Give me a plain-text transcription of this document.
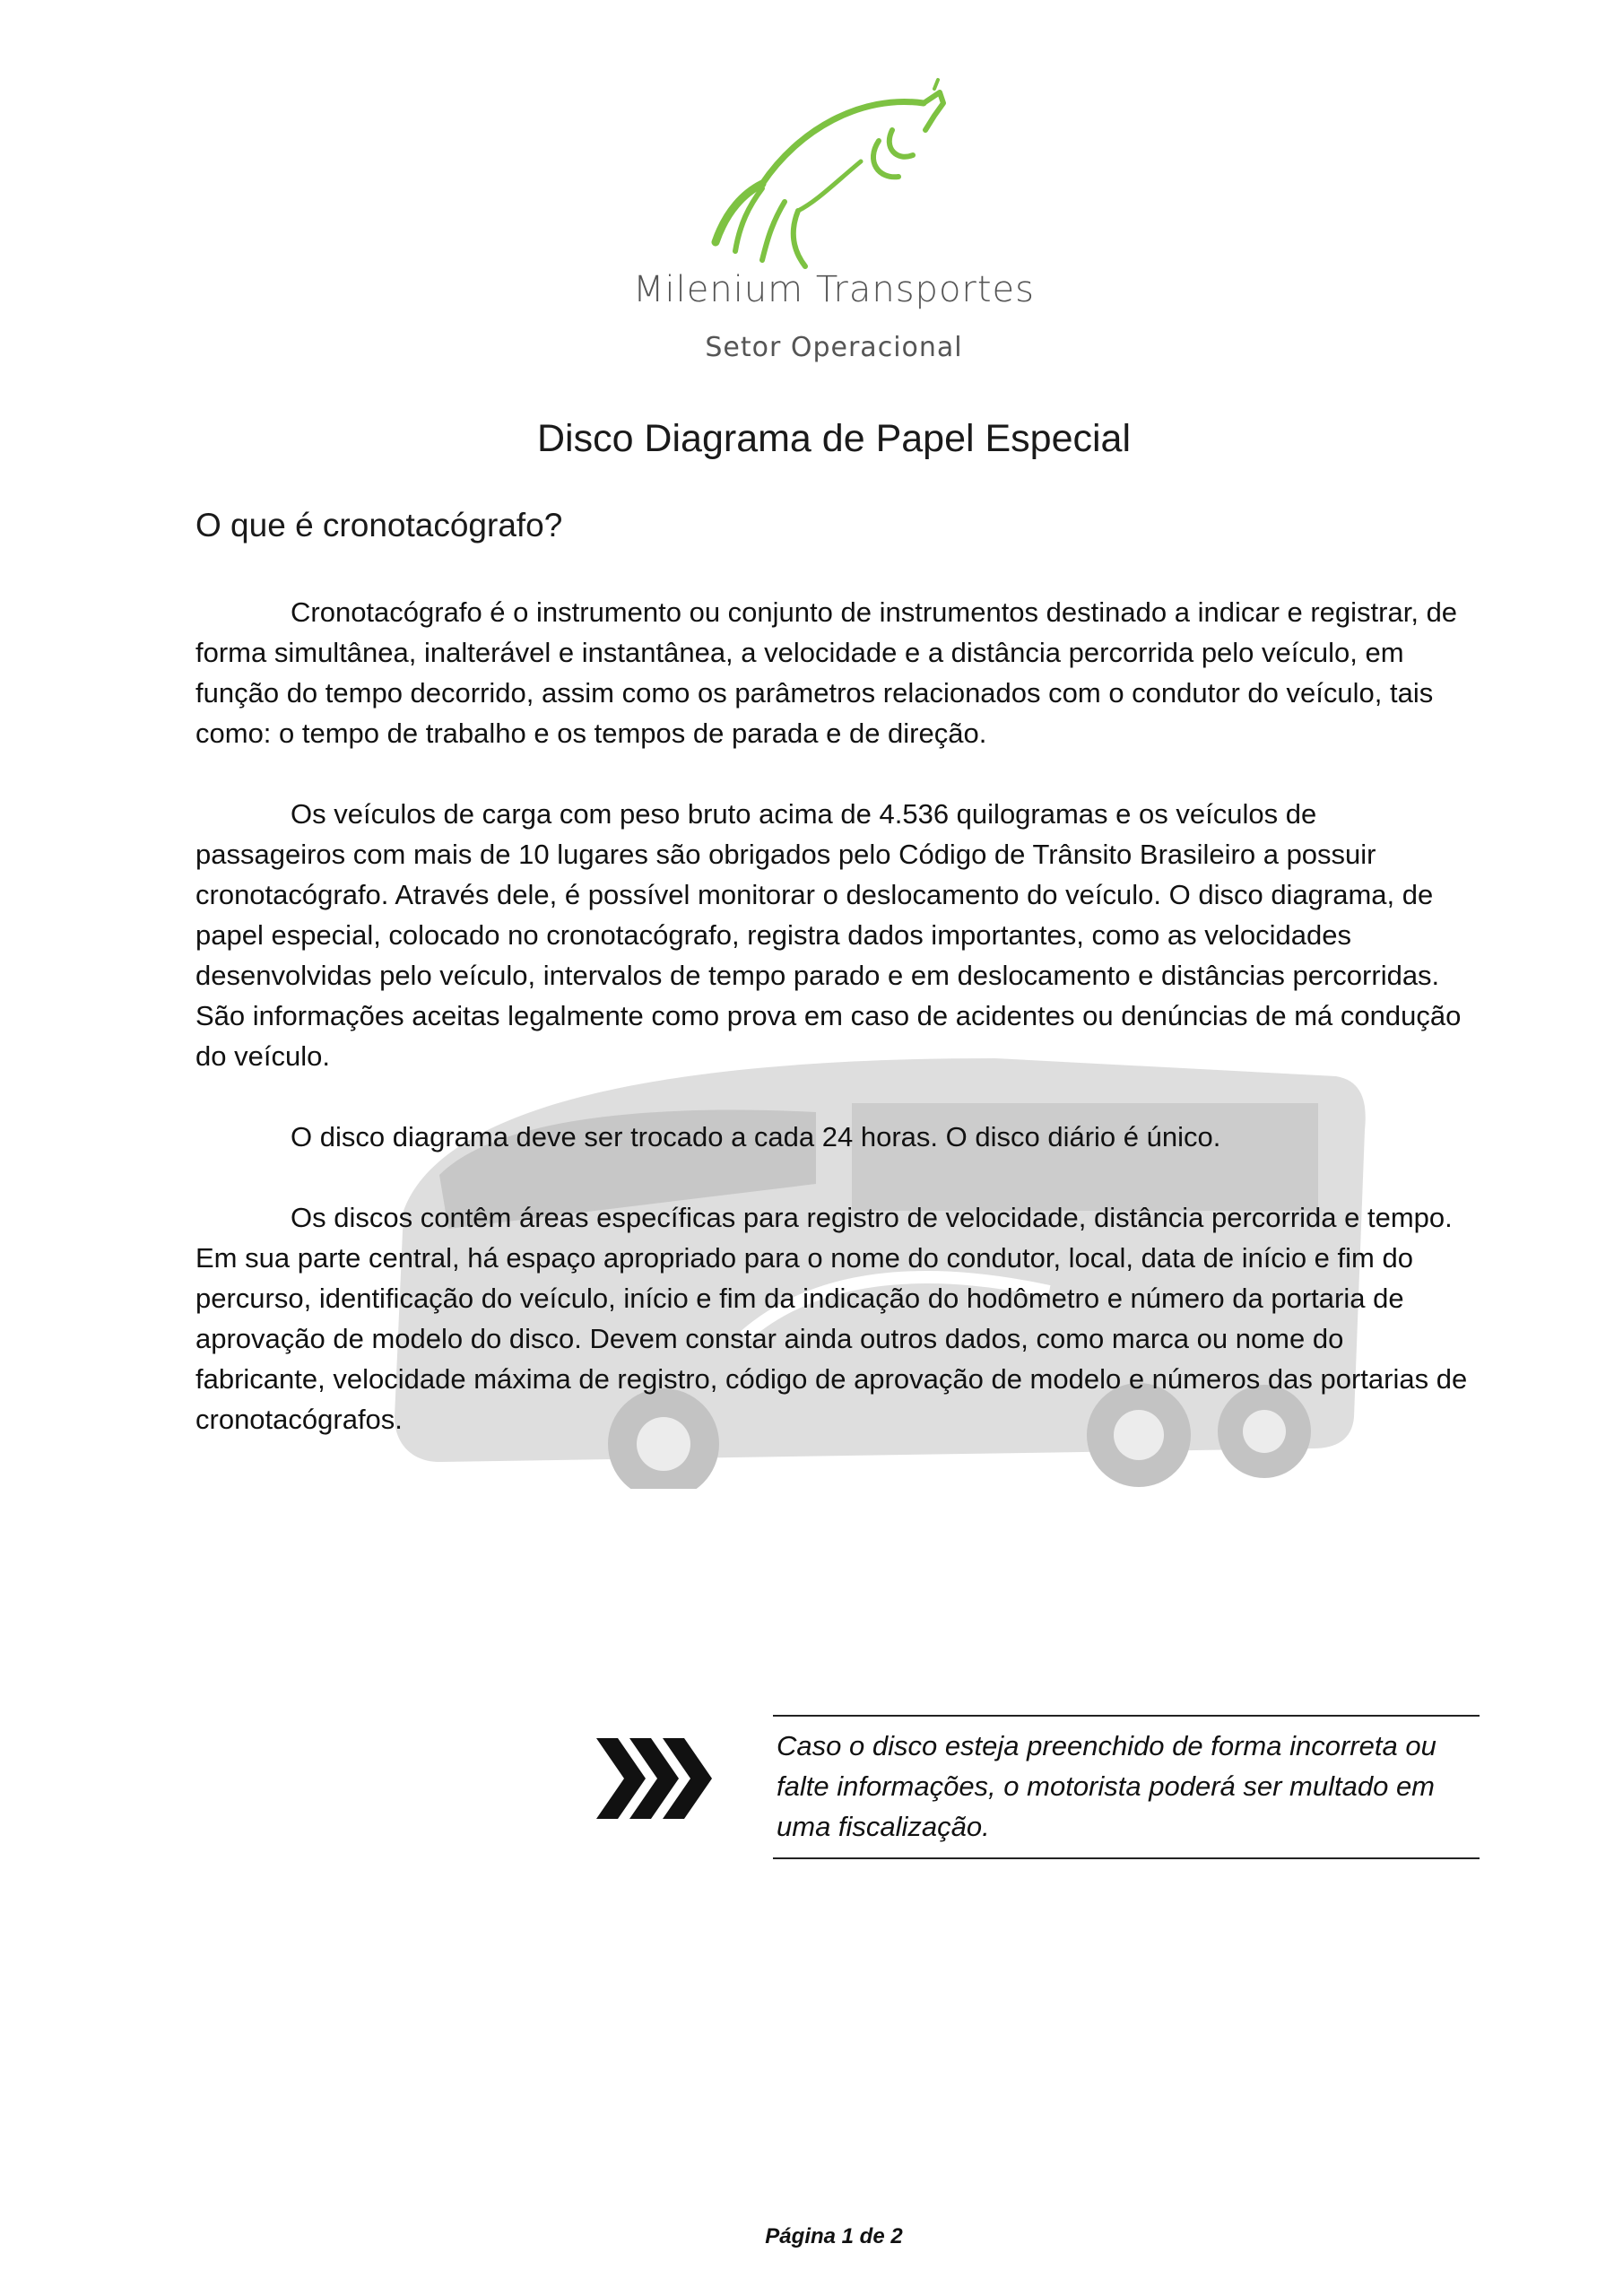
Milenium Transportes
Setor Operacional
Disco Diagrama de Papel Especial
O que é cronotacógrafo?

Cronotacógrafo é o instrumento ou conjunto de instrumentos destinado a indicar e registrar, de forma simultânea, inalterável e instantânea, a velocidade e a distância percorrida pelo veículo, em função do tempo decorrido, assim como os parâmetros relacionados com o condutor do veículo, tais como: o tempo de trabalho e os tempos de parada e de direção.

Os veículos de carga com peso bruto acima de 4.536 quilogramas e os veículos de passageiros com mais de 10 lugares são obrigados pelo Código de Trânsito Brasileiro a possuir cronotacógrafo. Através dele, é possível monitorar o deslocamento do veículo. O disco diagrama, de papel especial, colocado no cronotacógrafo, registra dados importantes, como as velocidades desenvolvidas pelo veículo, intervalos de tempo parado e em deslocamento e distâncias percorridas. São informações aceitas legalmente como prova em caso de acidentes ou denúncias de má condução do veículo.

O disco diagrama deve ser trocado a cada 24 horas. O disco diário é único.

Os discos contêm áreas específicas para registro de velocidade, distância percorrida e tempo. Em sua parte central, há espaço apropriado para o nome do condutor, local, data de início e fim do percurso, identificação do veículo, início e fim da indicação do hodômetro e número da portaria de aprovação de modelo do disco. Devem constar ainda outros dados, como marca ou nome do fabricante, velocidade máxima de registro, código de aprovação de modelo e números das portarias de cronotacógrafos.

Caso o disco esteja preenchido de forma incorreta ou falte informações, o motorista poderá ser multado em uma fiscalização.
Página 1 de 2
